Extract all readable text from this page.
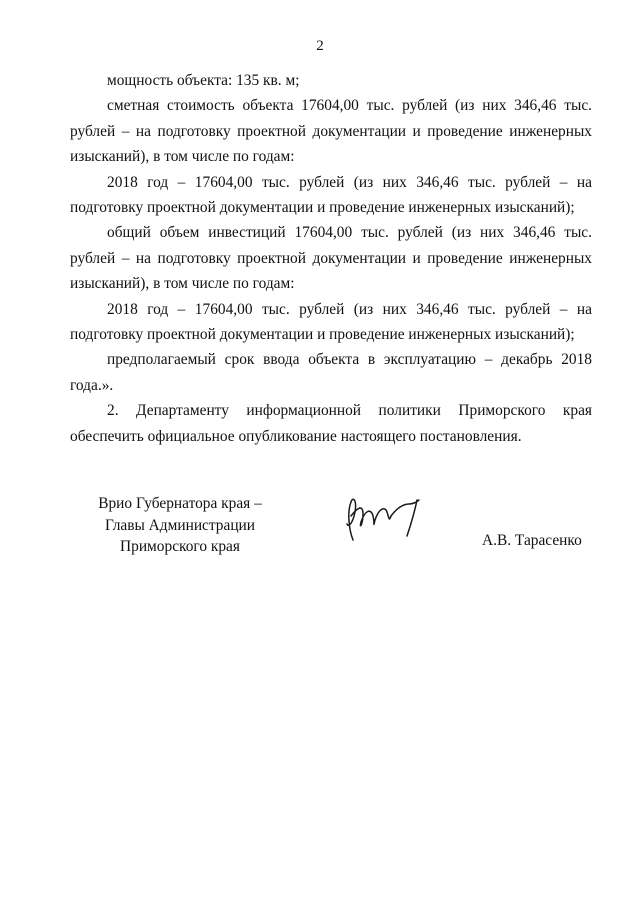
2

мощность объекта: 135 кв. м;

сметная стоимость объекта 17604,00 тыс. рублей (из них 346,46 тыс. рублей – на подготовку проектной документации и проведение инженерных изысканий), в том числе по годам:

2018 год – 17604,00 тыс. рублей (из них 346,46 тыс. рублей – на подготовку проектной документации и проведение инженерных изысканий);

общий объем инвестиций 17604,00 тыс. рублей (из них 346,46 тыс. рублей – на подготовку проектной документации и проведение инженерных изысканий), в том числе по годам:

2018 год – 17604,00 тыс. рублей (из них 346,46 тыс. рублей – на подготовку проектной документации и проведение инженерных изысканий);

предполагаемый срок ввода объекта в эксплуатацию – декабрь 2018 года.».

2. Департаменту информационной политики Приморского края обеспечить официальное опубликование настоящего постановления.

Врио Губернатора края –
Главы Администрации
Приморского края	А.В. Тарасенко
